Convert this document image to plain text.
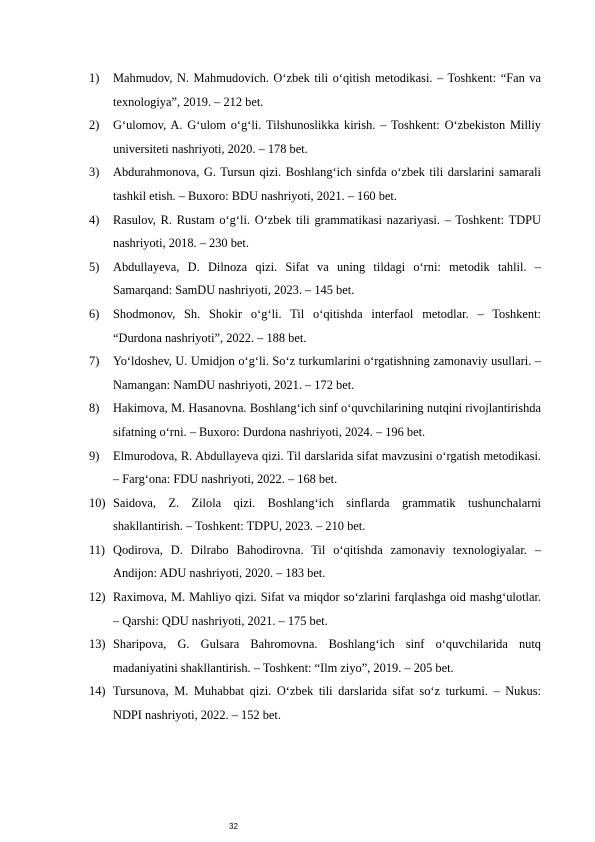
1)	Mahmudov, N. Mahmudovich. O‘zbek tili o‘qitish metodikasi. – Toshkent: “Fan va texnologiya”, 2019. – 212 bet.
2)	G‘ulomov, A. G‘ulom o‘g‘li. Tilshunoslikka kirish. – Toshkent: O‘zbekiston Milliy universiteti nashriyoti, 2020. – 178 bet.
3)	Abdurahmonova, G. Tursun qizi. Boshlang‘ich sinfda o‘zbek tili darslarini samarali tashkil etish. – Buxoro: BDU nashriyoti, 2021. – 160 bet.
4)	Rasulov, R. Rustam o‘g‘li. O‘zbek tili grammatikasi nazariyasi. – Toshkent: TDPU nashriyoti, 2018. – 230 bet.
5)	Abdullayeva, D. Dilnoza qizi. Sifat va uning tildagi o‘rni: metodik tahlil. – Samarqand: SamDU nashriyoti, 2023. – 145 bet.
6)	Shodmonov, Sh. Shokir o‘g‘li. Til o‘qitishda interfaol metodlar. – Toshkent: “Durdona nashriyoti”, 2022. – 188 bet.
7)	Yo‘ldoshev, U. Umidjon o‘g‘li. So‘z turkumlarini o‘rgatishning zamonaviy usullari. – Namangan: NamDU nashriyoti, 2021. – 172 bet.
8)	Hakimova, M. Hasanovna. Boshlang‘ich sinf o‘quvchilarining nutqini rivojlantirishda sifatning o‘rni. – Buxoro: Durdona nashriyoti, 2024. – 196 bet.
9)	Elmurodova, R. Abdullayeva qizi. Til darslarida sifat mavzusini o‘rgatish metodikasi. – Farg‘ona: FDU nashriyoti, 2022. – 168 bet.
10) Saidova, Z. Zilola qizi. Boshlang‘ich sinflarda grammatik tushunchalarni shakllantirish. – Toshkent: TDPU, 2023. – 210 bet.
11) Qodirova, D. Dilrabo Bahodirovna. Til o‘qitishda zamonaviy texnologiyalar. – Andijon: ADU nashriyoti, 2020. – 183 bet.
12) Raximova, M. Mahliyo qizi. Sifat va miqdor so‘zlarini farqlashga oid mashg‘ulotlar. – Qarshi: QDU nashriyoti, 2021. – 175 bet.
13) Sharipova, G. Gulsara Bahromovna. Boshlang‘ich sinf o‘quvchilarida nutq madaniyatini shakllantirish. – Toshkent: “Ilm ziyo”, 2019. – 205 bet.
14) Tursunova, M. Muhabbat qizi. O‘zbek tili darslarida sifat so‘z turkumi. – Nukus: NDPI nashriyoti, 2022. – 152 bet.
32
